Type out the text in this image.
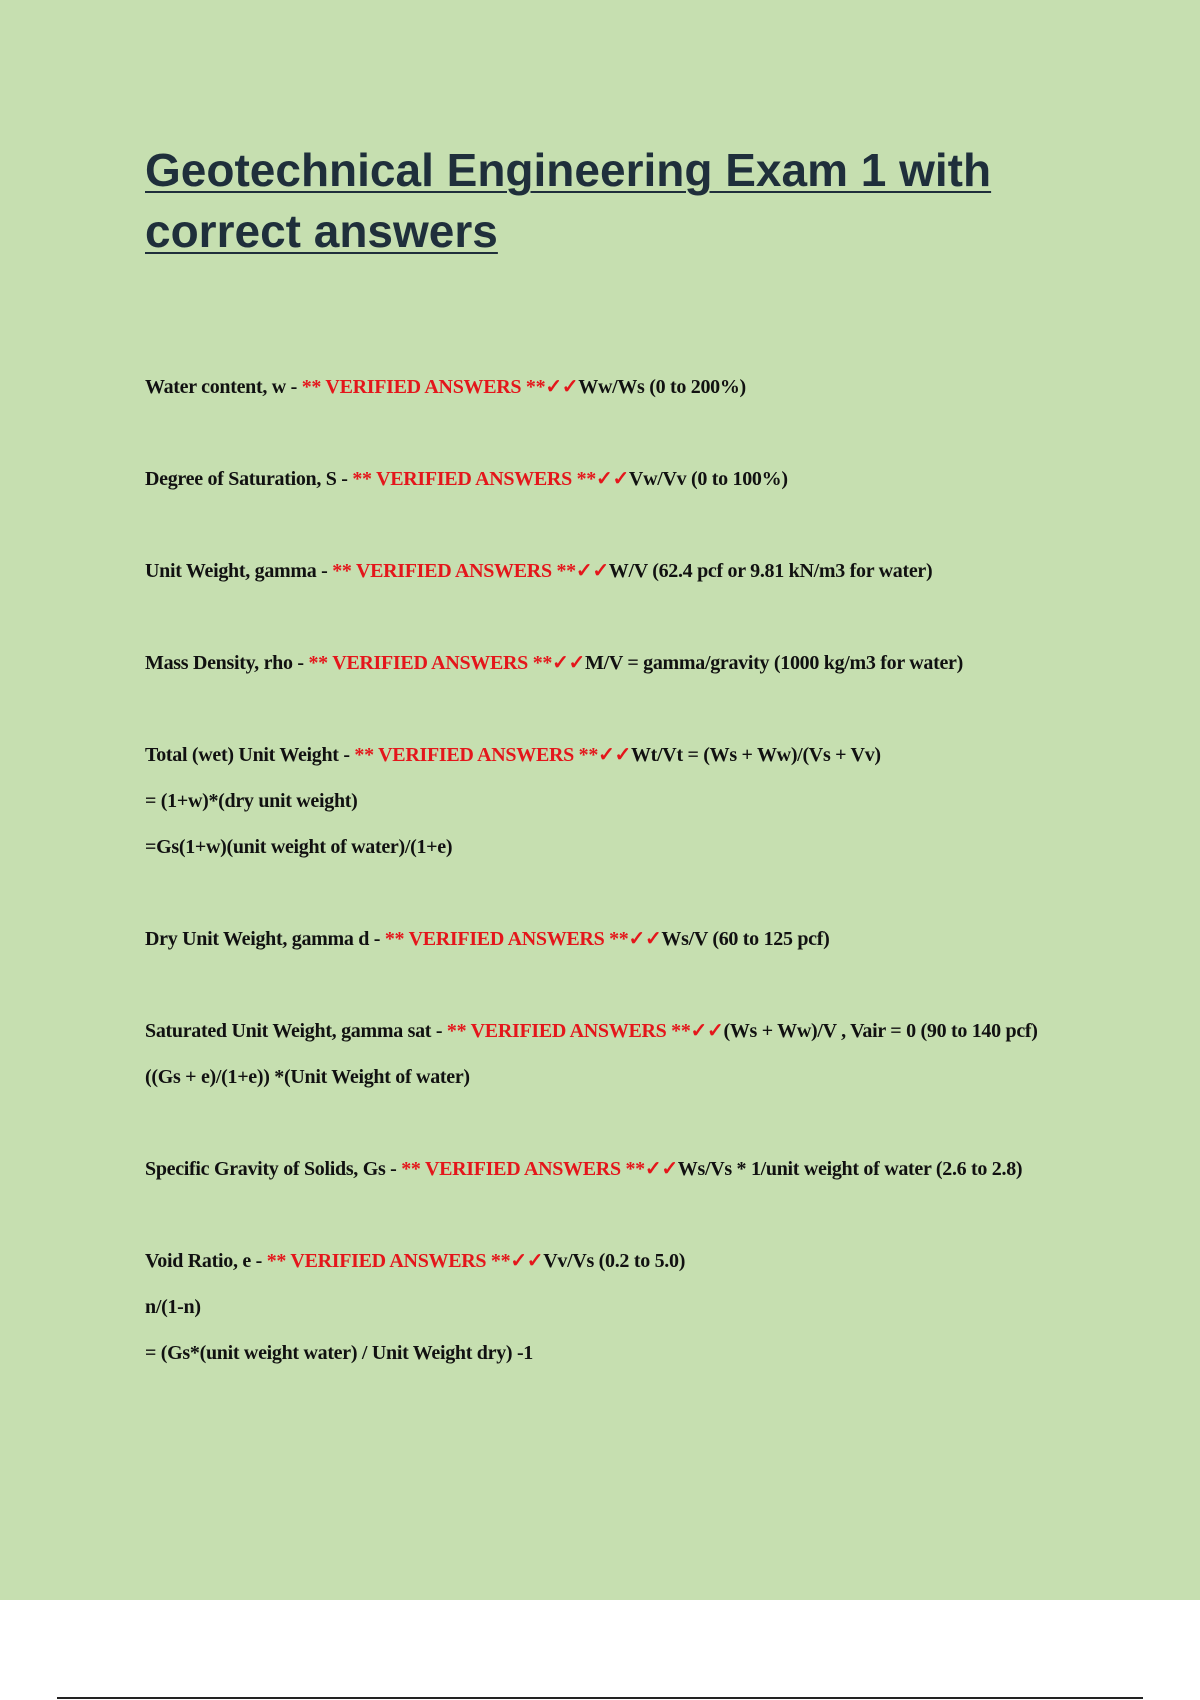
Geotechnical Engineering Exam 1 with
correct answers

Water content, w - ** VERIFIED ANSWERS **✓✓Ww/Ws (0 to 200%)

Degree of Saturation, S - ** VERIFIED ANSWERS **✓✓Vw/Vv (0 to 100%)

Unit Weight, gamma - ** VERIFIED ANSWERS **✓✓W/V (62.4 pcf or 9.81 kN/m3 for water)

Mass Density, rho - ** VERIFIED ANSWERS **✓✓M/V = gamma/gravity (1000 kg/m3 for water)

Total (wet) Unit Weight - ** VERIFIED ANSWERS **✓✓Wt/Vt = (Ws + Ww)/(Vs + Vv)

= (1+w)*(dry unit weight)

=Gs(1+w)(unit weight of water)/(1+e)

Dry Unit Weight, gamma d - ** VERIFIED ANSWERS **✓✓Ws/V (60 to 125 pcf)

Saturated Unit Weight, gamma sat - ** VERIFIED ANSWERS **✓✓(Ws + Ww)/V , Vair = 0 (90 to 140 pcf)

((Gs + e)/(1+e)) *(Unit Weight of water)

Specific Gravity of Solids, Gs - ** VERIFIED ANSWERS **✓✓Ws/Vs * 1/unit weight of water (2.6 to 2.8)

Void Ratio, e - ** VERIFIED ANSWERS **✓✓Vv/Vs (0.2 to 5.0)

n/(1-n)

= (Gs*(unit weight water) / Unit Weight dry) -1
